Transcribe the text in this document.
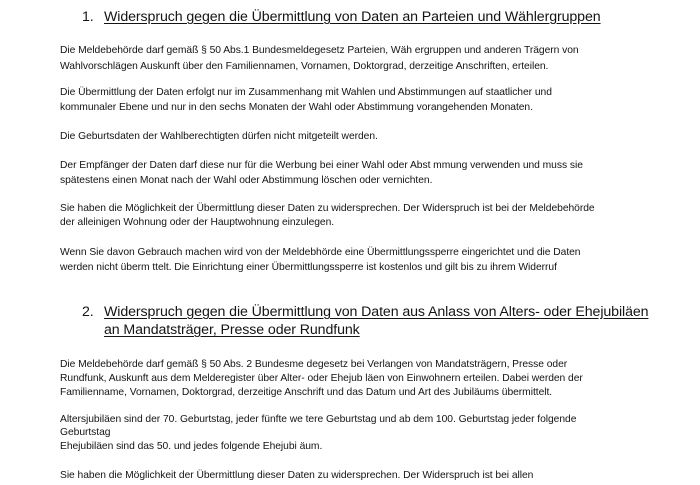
1. Widerspruch gegen die Übermittlung von Daten an Parteien und Wählergruppen
Die Meldebehörde darf gemäß § 50 Abs.1 Bundesmeldegesetz Parteien, Wäh ergruppen und anderen Trägern von
Wahlvorschlägen Auskunft über den Familiennamen, Vornamen, Doktorgrad, derzeitige Anschriften, erteilen.
Die Übermittlung der Daten erfolgt nur im Zusammenhang mit Wahlen und Abstimmungen auf staatlicher und
kommunaler Ebene und nur in den sechs Monaten der Wahl oder Abstimmung vorangehenden Monaten.
Die Geburtsdaten der Wahlberechtigten dürfen nicht mitgeteilt werden.
Der Empfänger der Daten darf diese nur für die Werbung bei einer Wahl oder Abst mmung verwenden und muss sie
spätestens einen Monat nach der Wahl oder Abstimmung löschen oder vernichten.
Sie haben die Möglichkeit der Übermittlung dieser Daten zu widersprechen. Der Widerspruch ist bei der Meldebehörde
der alleinigen Wohnung oder der Hauptwohnung einzulegen.
Wenn Sie davon Gebrauch machen wird von der Meldebhörde eine Übermittlungssperre eingerichtet und die Daten
werden nicht überm ttelt. Die Einrichtung einer Übermittlungssperre ist kostenlos und gilt bis zu ihrem Widerruf
2. Widerspruch gegen die Übermittlung von Daten aus Anlass von Alters- oder Ehejubiläen
an Mandatsträger, Presse oder Rundfunk
Die Meldebehörde darf gemäß § 50 Abs. 2 Bundesme degesetz bei Verlangen von Mandatsträgern, Presse oder
Rundfunk, Auskunft aus dem Melderegister über Alter- oder Ehejub läen von Einwohnern erteilen. Dabei werden der
Familienname, Vornamen, Doktorgrad, derzeitige Anschrift und das Datum und Art des Jubiläums übermittelt.
Altersjubiläen sind der 70. Geburtstag, jeder fünfte we tere Geburtstag und ab dem 100. Geburtstag jeder folgende
Geburtstag
Ehejubiläen sind das 50. und jedes folgende Ehejubi äum.
Sie haben die Möglichkeit der Übermittlung dieser Daten zu widersprechen. Der Widerspruch ist bei allen
